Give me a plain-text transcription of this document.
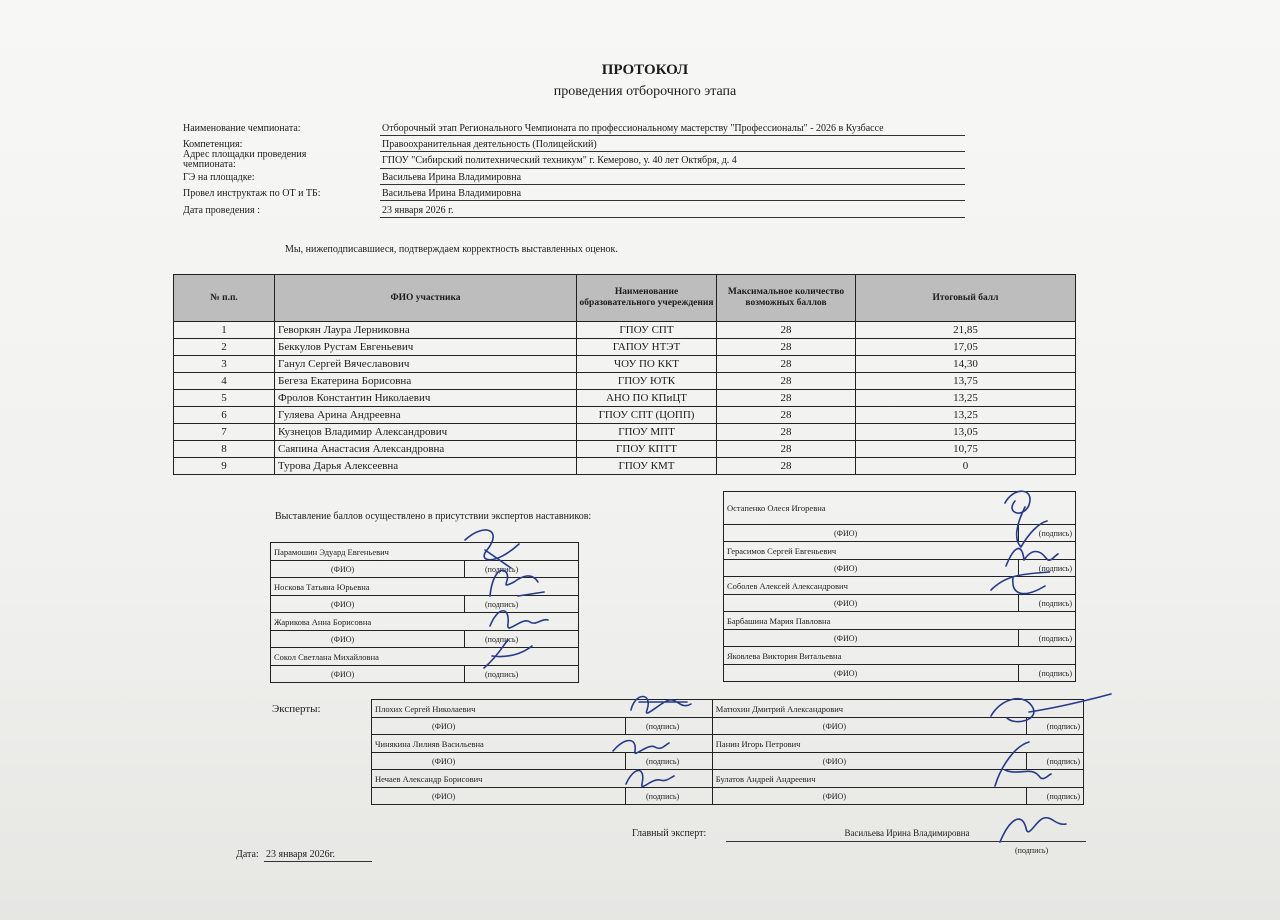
ПРОТОКОЛ
проведения отборочного этапа
Наименование чемпионата:	Отборочный этап Регионального Чемпионата по профессиональному мастерству "Профессионалы" - 2026 в Кузбассе
Компетенция:	Правоохранительная деятельность (Полицейский)
Адрес площадки проведения
чемпионата:	ГПОУ "Сибирский политехнический техникум" г. Кемерово, у. 40 лет Октября, д. 4
ГЭ на площадке:	Васильева Ирина Владимировна
Провел инструктаж по ОТ и ТБ:	Васильева Ирина Владимировна
Дата проведения :	23 января 2026 г.
Мы, нижеподписавшиеся, подтверждаем корректность выставленных оценок.
№ п.п.	ФИО участника	Наименование образовательного учереждения	Максимальное количество возможных баллов	Итоговый балл
1	Геворкян Лаура Лерниковна	ГПОУ СПТ	28	21,85
2	Беккулов Рустам Евгеньевич	ГАПОУ НТЭТ	28	17,05
3	Ганул Сергей Вячеславович	ЧОУ ПО ККТ	28	14,30
4	Бегеза Екатерина Борисовна	ГПОУ ЮТК	28	13,75
5	Фролов Константин Николаевич	АНО ПО КПиЦТ	28	13,25
6	Гуляева Арина Андреевна	ГПОУ СПТ (ЦОПП)	28	13,25
7	Кузнецов Владимир Александрович	ГПОУ МПТ	28	13,05
8	Саяпина Анастасия Александровна	ГПОУ КПТТ	28	10,75
9	Турова Дарья Алексеевна	ГПОУ КМТ	28	0
Выставление баллов осуществлено в присутствии экспертов наставников:
Парамошин Эдуард Евгеньевич	
(ФИО)	(подпись)
Носкова Татьяна Юрьевна	
(ФИО)	(подпись)
Жарикова Анна Борисовна	
(ФИО)	(подпись)
Сокол Светлана Михайловна	
(ФИО)	(подпись)
Остапенко Олеся Игоревна	
(ФИО)	(подпись)
Герасимов Сергей Евгеньевич	
(ФИО)	(подпись)
Соболев Алексей Александрович	
(ФИО)	(подпись)
Барбашина Мария Павловна	
(ФИО)	(подпись)
Яковлева Виктория Витальевна	
(ФИО)	(подпись)
Эксперты:	Плохих Сергей Николаевич		Матюхин Дмитрий Александрович	
(ФИО)	(подпись)	(ФИО)	(подпись)
Чинякина Лилияв Васильевна		Панин Игорь Петрович	
(ФИО)	(подпись)	(ФИО)	(подпись)
Нечаев Александр Борисович		Булатов Андрей Андреевич	
(ФИО)	(подпись)	(ФИО)	(подпись)
Главный эксперт:	Васильева Ирина Владимировна
(подпись)
Дата: 23 января 2026г.
